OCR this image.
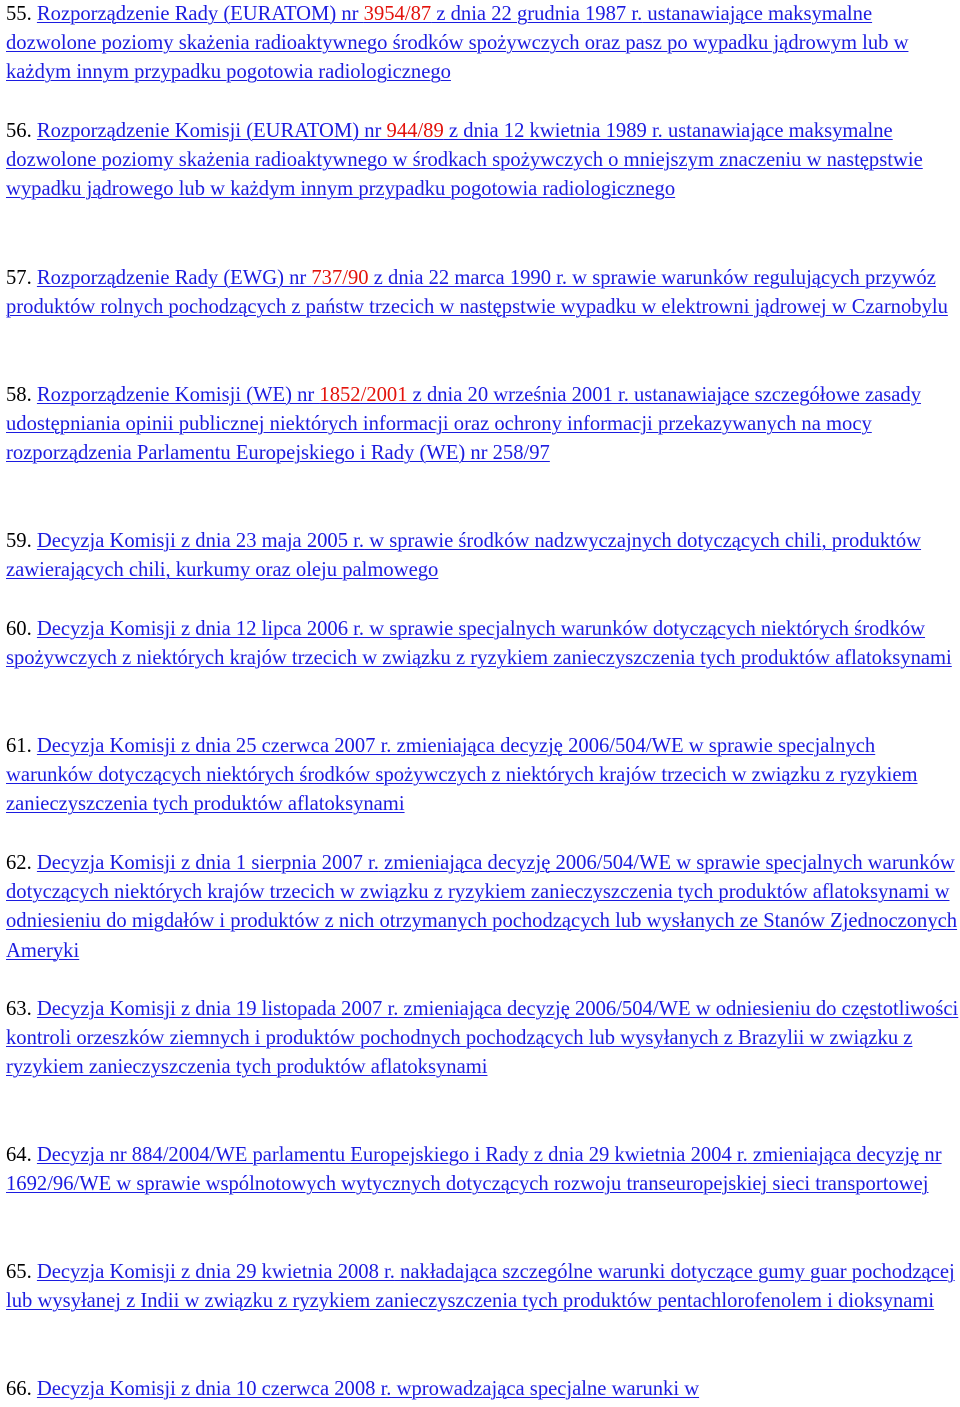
55. Rozporządzenie Rady (EURATOM) nr 3954/87 z dnia 22 grudnia 1987 r. ustanawiające maksymalne dozwolone poziomy skażenia radioaktywnego środków spożywczych oraz pasz po wypadku jądrowym lub w każdym innym przypadku pogotowia radiologicznego

56. Rozporządzenie Komisji (EURATOM) nr 944/89 z dnia 12 kwietnia 1989 r. ustanawiające maksymalne dozwolone poziomy skażenia radioaktywnego w środkach spożywczych o mniejszym znaczeniu w następstwie wypadku jądrowego lub w każdym innym przypadku pogotowia radiologicznego

57. Rozporządzenie Rady (EWG) nr 737/90 z dnia 22 marca 1990 r. w sprawie warunków regulujących przywóz produktów rolnych pochodzących z państw trzecich w następstwie wypadku w elektrowni jądrowej w Czarnobylu

58. Rozporządzenie Komisji (WE) nr 1852/2001 z dnia 20 września 2001 r. ustanawiające szczegółowe zasady udostępniania opinii publicznej niektórych informacji oraz ochrony informacji przekazywanych na mocy rozporządzenia Parlamentu Europejskiego i Rady (WE) nr 258/97

59. Decyzja Komisji z dnia 23 maja 2005 r. w sprawie środków nadzwyczajnych dotyczących chili, produktów zawierających chili, kurkumy oraz oleju palmowego

60. Decyzja Komisji z dnia 12 lipca 2006 r. w sprawie specjalnych warunków dotyczących niektórych środków spożywczych z niektórych krajów trzecich w związku z ryzykiem zanieczyszczenia tych produktów aflatoksynami

61. Decyzja Komisji z dnia 25 czerwca 2007 r. zmieniająca decyzję 2006/504/WE w sprawie specjalnych warunków dotyczących niektórych środków spożywczych z niektórych krajów trzecich w związku z ryzykiem zanieczyszczenia tych produktów aflatoksynami

62. Decyzja Komisji z dnia 1 sierpnia 2007 r. zmieniająca decyzję 2006/504/WE w sprawie specjalnych warunków dotyczących niektórych krajów trzecich w związku z ryzykiem zanieczyszczenia tych produktów aflatoksynami w odniesieniu do migdałów i produktów z nich otrzymanych pochodzących lub wysłanych ze Stanów Zjednoczonych Ameryki

63. Decyzja Komisji z dnia 19 listopada 2007 r. zmieniająca decyzję 2006/504/WE w odniesieniu do częstotliwości kontroli orzeszków ziemnych i produktów pochodnych pochodzących lub wysyłanych z Brazylii w związku z ryzykiem zanieczyszczenia tych produktów aflatoksynami

64. Decyzja nr 884/2004/WE parlamentu Europejskiego i Rady z dnia 29 kwietnia 2004 r. zmieniająca decyzję nr 1692/96/WE w sprawie wspólnotowych wytycznych dotyczących rozwoju transeuropejskiej sieci transportowej

65. Decyzja Komisji z dnia 29 kwietnia 2008 r. nakładająca szczególne warunki dotyczące gumy guar pochodzącej lub wysyłanej z Indii w związku z ryzykiem zanieczyszczenia tych produktów pentachlorofenolem i dioksynami

66. Decyzja Komisji z dnia 10 czerwca 2008 r. wprowadzająca specjalne warunki w
